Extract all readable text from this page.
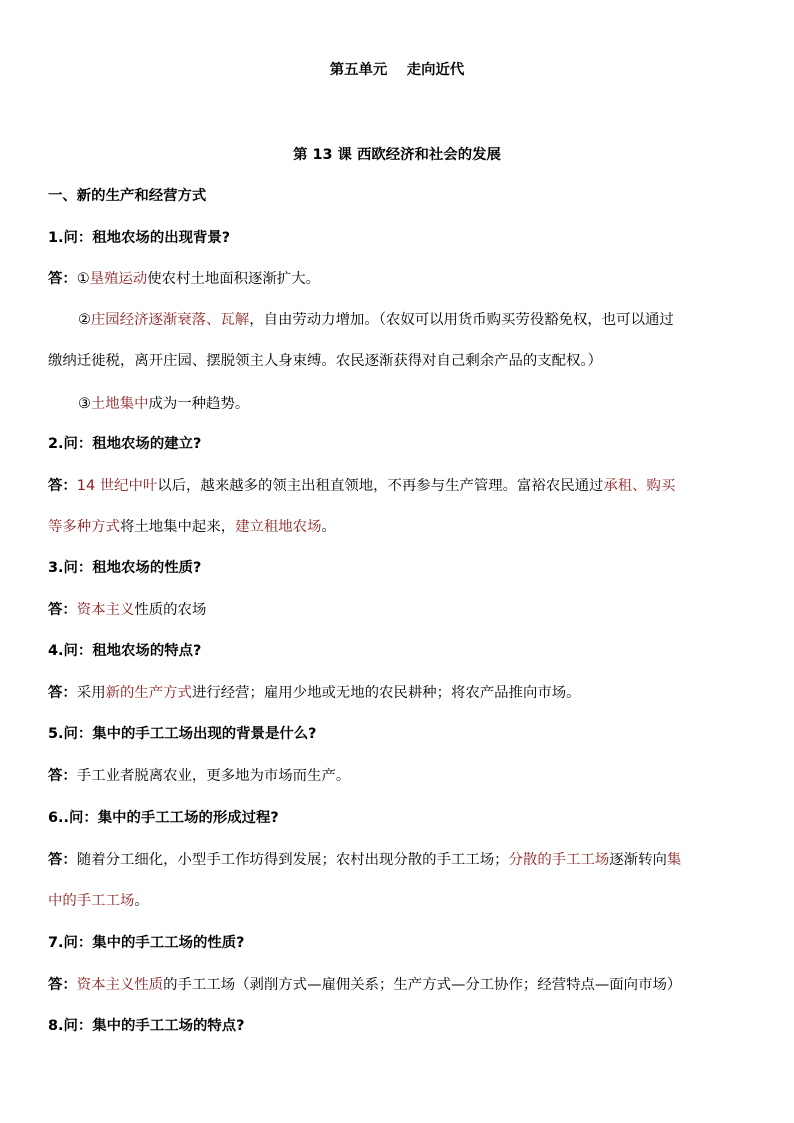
第五单元　 走向近代
第 13 课 西欧经济和社会的发展
一、新的生产和经营方式
1.问：租地农场的出现背景?
答：①垦殖运动使农村土地面积逐渐扩大。
②庄园经济逐渐衰落、瓦解，自由劳动力增加。（农奴可以用货币购买劳役豁免权，也可以通过
缴纳迁徙税，离开庄园、摆脱领主人身束缚。农民逐渐获得对自己剩余产品的支配权。）
③土地集中成为一种趋势。
2.问：租地农场的建立?
答：14 世纪中叶以后，越来越多的领主出租直领地，不再参与生产管理。富裕农民通过承租、购买
等多种方式将土地集中起来，建立租地农场。
3.问：租地农场的性质?
答：资本主义性质的农场
4.问：租地农场的特点?
答：采用新的生产方式进行经营；雇用少地或无地的农民耕种；将农产品推向市场。
5.问：集中的手工工场出现的背景是什么?
答：手工业者脱离农业，更多地为市场而生产。
6..问：集中的手工工场的形成过程?
答：随着分工细化，小型手工作坊得到发展；农村出现分散的手工工场；分散的手工工场逐渐转向集
中的手工工场。
7.问：集中的手工工场的性质?
答：资本主义性质的手工工场（剥削方式—雇佣关系；生产方式—分工协作；经营特点—面向市场）
8.问：集中的手工工场的特点?
